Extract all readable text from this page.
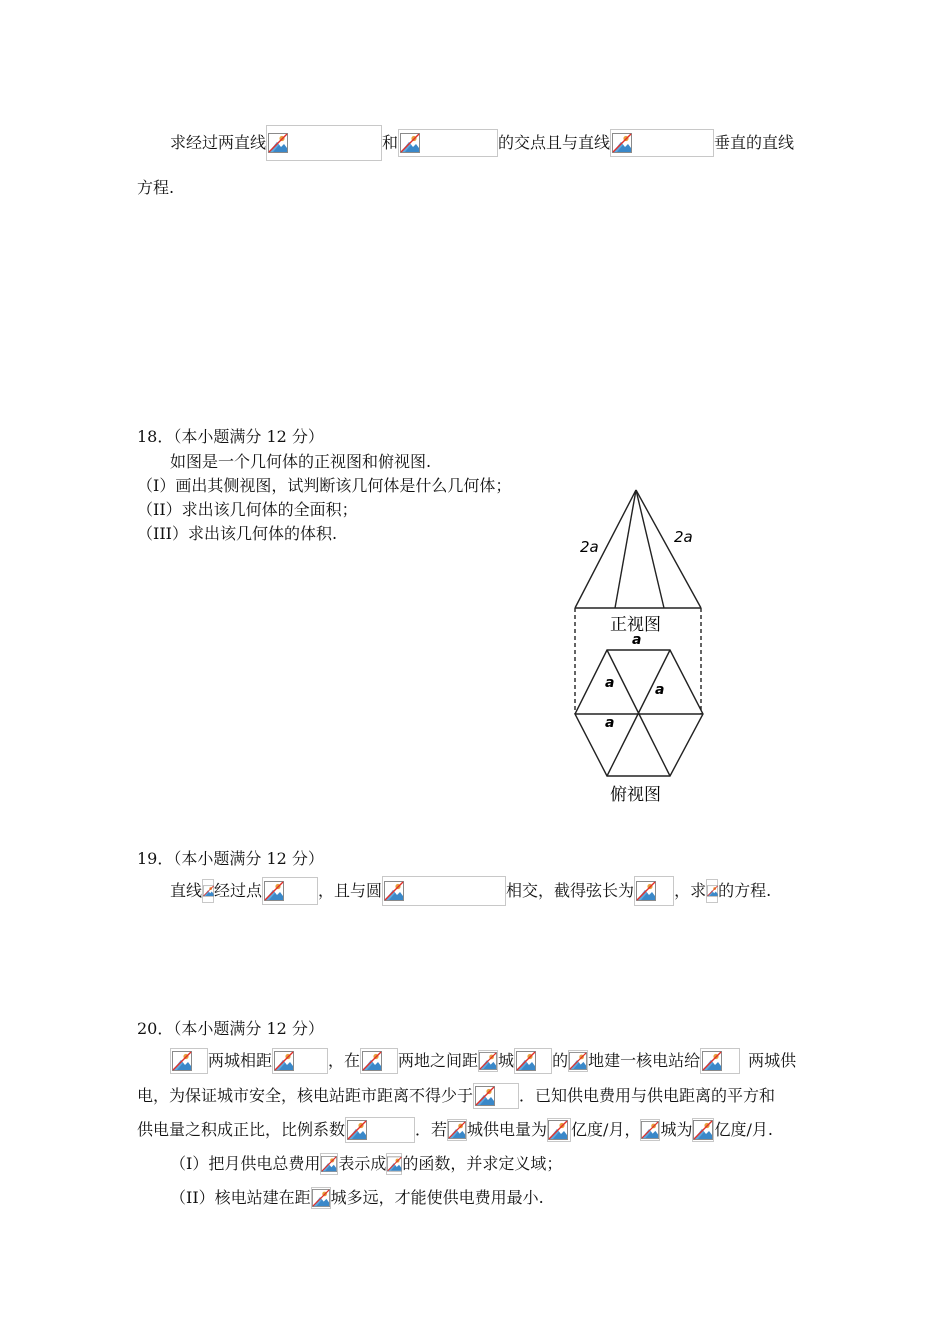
求经过两直线	和	的交点且与直线	垂直的直线
方程.
18．（本小题满分 12 分）
如图是一个几何体的正视图和俯视图.
（I）画出其侧视图，试判断该几何体是什么几何体；
（II）求出该几何体的全面积；
（III）求出该几何体的体积.
2a
2a
正视图
a
a	a
a
俯视图
19．（本小题满分 12 分）
直线 经过点	，且与圆	相交，截得弦长为	，求 的方程.
20．（本小题满分 12 分）
两城相距	，在 两地之间距 城 的 地建一核电站给	两城供
电，为保证城市安全，核电站距市距离不得少于	．已知供电费用与供电距离的平方和
供电量之积成正比，比例系数	．若 城供电量为 亿度/月， 城为 亿度/月.
（I）把月供电总费用 表示成 的函数，并求定义域；
（II）核电站建在距 城多远，才能使供电费用最小.
